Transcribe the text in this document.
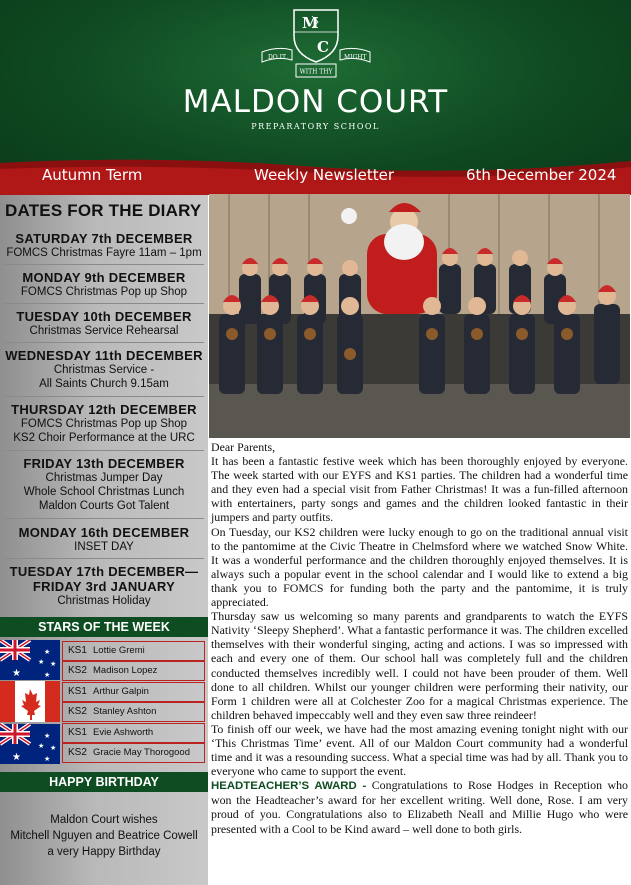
M
C
DO IT	MIGHT
WITH THY
MALDON COURT
PREPARATORY SCHOOL
Autumn Term	Weekly Newsletter	6th December 2024
DATES FOR THE DIARY
SATURDAY 7th DECEMBER
FOMCS Christmas Fayre 11am – 1pm
MONDAY 9th DECEMBER
FOMCS Christmas Pop up Shop
TUESDAY 10th DECEMBER
Christmas Service Rehearsal
WEDNESDAY 11th DECEMBER
Christmas Service -
All Saints Church 9.15am
THURSDAY 12th DECEMBER
FOMCS Christmas Pop up Shop
KS2 Choir Performance at the URC
FRIDAY 13th DECEMBER
Christmas Jumper Day
Whole School Christmas Lunch
Maldon Courts Got Talent
MONDAY 16th DECEMBER
INSET DAY
TUESDAY 17th DECEMBER—
FRIDAY 3rd JANUARY
Christmas Holiday
STARS OF THE WEEK
★
★
★ ★
★
★
★
★ ★
★
KS1 Lottie Gremi
KS2 Madison Lopez
KS1 Arthur Galpin
KS2 Stanley Ashton
KS1 Evie Ashworth
KS2 Gracie May Thorogood
HAPPY BIRTHDAY
Maldon Court wishes
Mitchell Nguyen and Beatrice Cowell
a very Happy Birthday

Dear Parents,

It has been a fantastic festive week which has been thoroughly enjoyed by everyone. The week started with our EYFS and KS1 parties. The children had a wonderful time and they even had a special visit from Father Christmas! It was a fun-filled afternoon with entertainers, party songs and games and the children looked fantastic in their jumpers and party outfits.

On Tuesday, our KS2 children were lucky enough to go on the traditional annual visit to the pantomime at the Civic Theatre in Chelmsford where we watched Snow White. It was a wonderful performance and the children thoroughly enjoyed themselves. It is always such a popular event in the school calendar and I would like to extend a big thank you to FOMCS for funding both the party and the pantomime, it is truly appreciated.

Thursday saw us welcoming so many parents and grandparents to watch the EYFS Nativity ‘Sleepy Shepherd’. What a fantastic performance it was. The children excelled themselves with their wonderful singing, acting and actions. I was so impressed with each and every one of them. Our school hall was completely full and the children conducted themselves incredibly well. I could not have been prouder of them. Well done to all children. Whilst our younger children were performing their nativity, our Form 1 children were all at Colchester Zoo for a magical Christmas experience. The children behaved impeccably well and they even saw three reindeer!

To finish off our week, we have had the most amazing evening tonight night with our ‘This Christmas Time’ event. All of our Maldon Court community had a wonderful time and it was a resounding success. What a special time was had by all. Thank you to everyone who came to support the event.

HEADTEACHER’S AWARD - Congratulations to Rose Hodges in Reception who won the Headteacher’s award for her excellent writing. Well done, Rose. I am very proud of you. Congratulations also to Elizabeth Neall and Millie Hugo who were presented with a Cool to be Kind award – well done to both girls.
